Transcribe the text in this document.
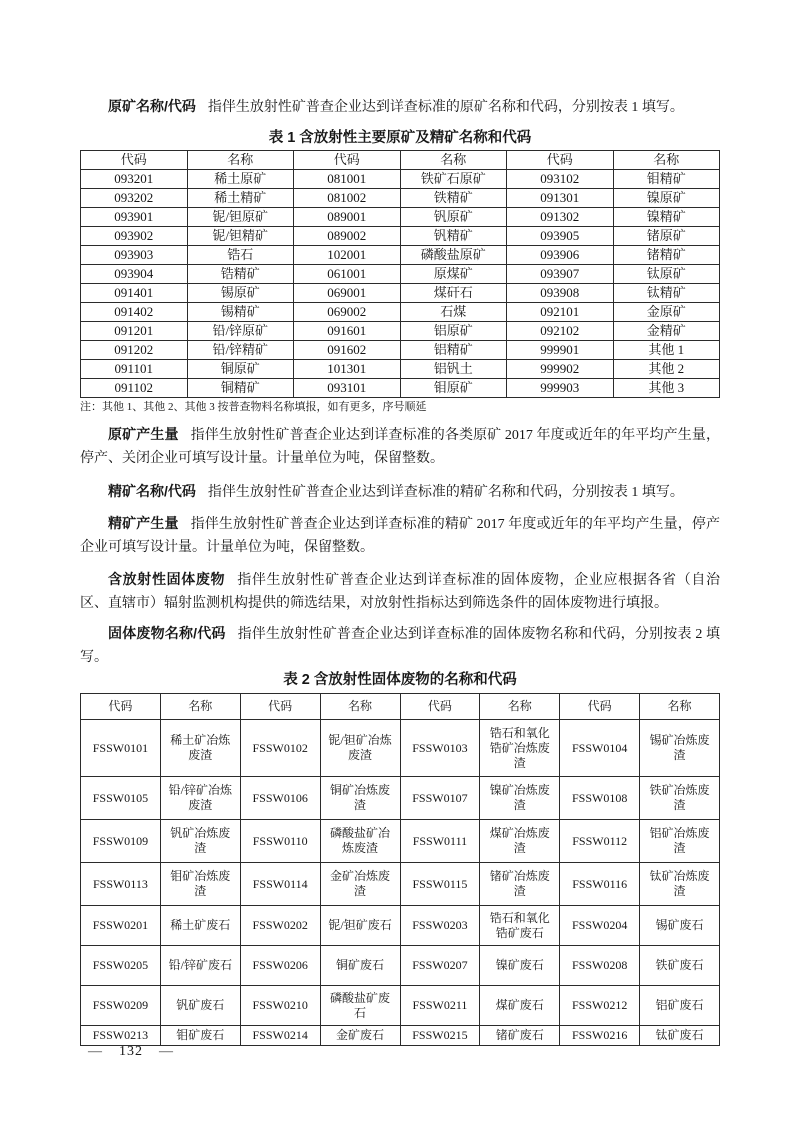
原矿名称/代码 指伴生放射性矿普查企业达到详查标准的原矿名称和代码，分别按表 1 填写。

表 1 含放射性主要原矿及精矿名称和代码
代码	名称	代码	名称	代码	名称
093201	稀土原矿	081001	铁矿石原矿	093102	钼精矿
093202	稀土精矿	081002	铁精矿	091301	镍原矿
093901	铌/钽原矿	089001	钒原矿	091302	镍精矿
093902	铌/钽精矿	089002	钒精矿	093905	锗原矿
093903	锆石	102001	磷酸盐原矿	093906	锗精矿
093904	锆精矿	061001	原煤矿	093907	钛原矿
091401	锡原矿	069001	煤矸石	093908	钛精矿
091402	锡精矿	069002	石煤	092101	金原矿
091201	铅/锌原矿	091601	铝原矿	092102	金精矿
091202	铅/锌精矿	091602	铝精矿	999901	其他 1
091101	铜原矿	101301	铝钒土	999902	其他 2
091102	铜精矿	093101	钼原矿	999903	其他 3
注：其他 1、其他 2、其他 3 按普查物料名称填报，如有更多，序号顺延

原矿产生量 指伴生放射性矿普查企业达到详查标准的各类原矿 2017 年度或近年的年平均产生量，停产、关闭企业可填写设计量。计量单位为吨，保留整数。

精矿名称/代码 指伴生放射性矿普查企业达到详查标准的精矿名称和代码，分别按表 1 填写。

精矿产生量 指伴生放射性矿普查企业达到详查标准的精矿 2017 年度或近年的年平均产生量，停产企业可填写设计量。计量单位为吨，保留整数。

含放射性固体废物 指伴生放射性矿普查企业达到详查标准的固体废物，企业应根据各省（自治区、直辖市）辐射监测机构提供的筛选结果，对放射性指标达到筛选条件的固体废物进行填报。

固体废物名称/代码 指伴生放射性矿普查企业达到详查标准的固体废物名称和代码，分别按表 2 填写。

表 2 含放射性固体废物的名称和代码
代码	名称	代码	名称	代码	名称	代码	名称
FSSW0101	稀土矿冶炼废渣	FSSW0102	铌/钽矿冶炼废渣	FSSW0103	锆石和氧化锆矿冶炼废渣	FSSW0104	锡矿冶炼废渣
FSSW0105	铅/锌矿冶炼废渣	FSSW0106	铜矿冶炼废渣	FSSW0107	镍矿冶炼废渣	FSSW0108	铁矿冶炼废渣
FSSW0109	钒矿冶炼废渣	FSSW0110	磷酸盐矿冶炼废渣	FSSW0111	煤矿冶炼废渣	FSSW0112	铝矿冶炼废渣
FSSW0113	钼矿冶炼废渣	FSSW0114	金矿冶炼废渣	FSSW0115	锗矿冶炼废渣	FSSW0116	钛矿冶炼废渣
FSSW0201	稀土矿废石	FSSW0202	铌/钽矿废石	FSSW0203	锆石和氧化锆矿废石	FSSW0204	锡矿废石
FSSW0205	铅/锌矿废石	FSSW0206	铜矿废石	FSSW0207	镍矿废石	FSSW0208	铁矿废石
FSSW0209	钒矿废石	FSSW0210	磷酸盐矿废石	FSSW0211	煤矿废石	FSSW0212	铝矿废石
FSSW0213	钼矿废石	FSSW0214	金矿废石	FSSW0215	锗矿废石	FSSW0216	钛矿废石
— 132 —
